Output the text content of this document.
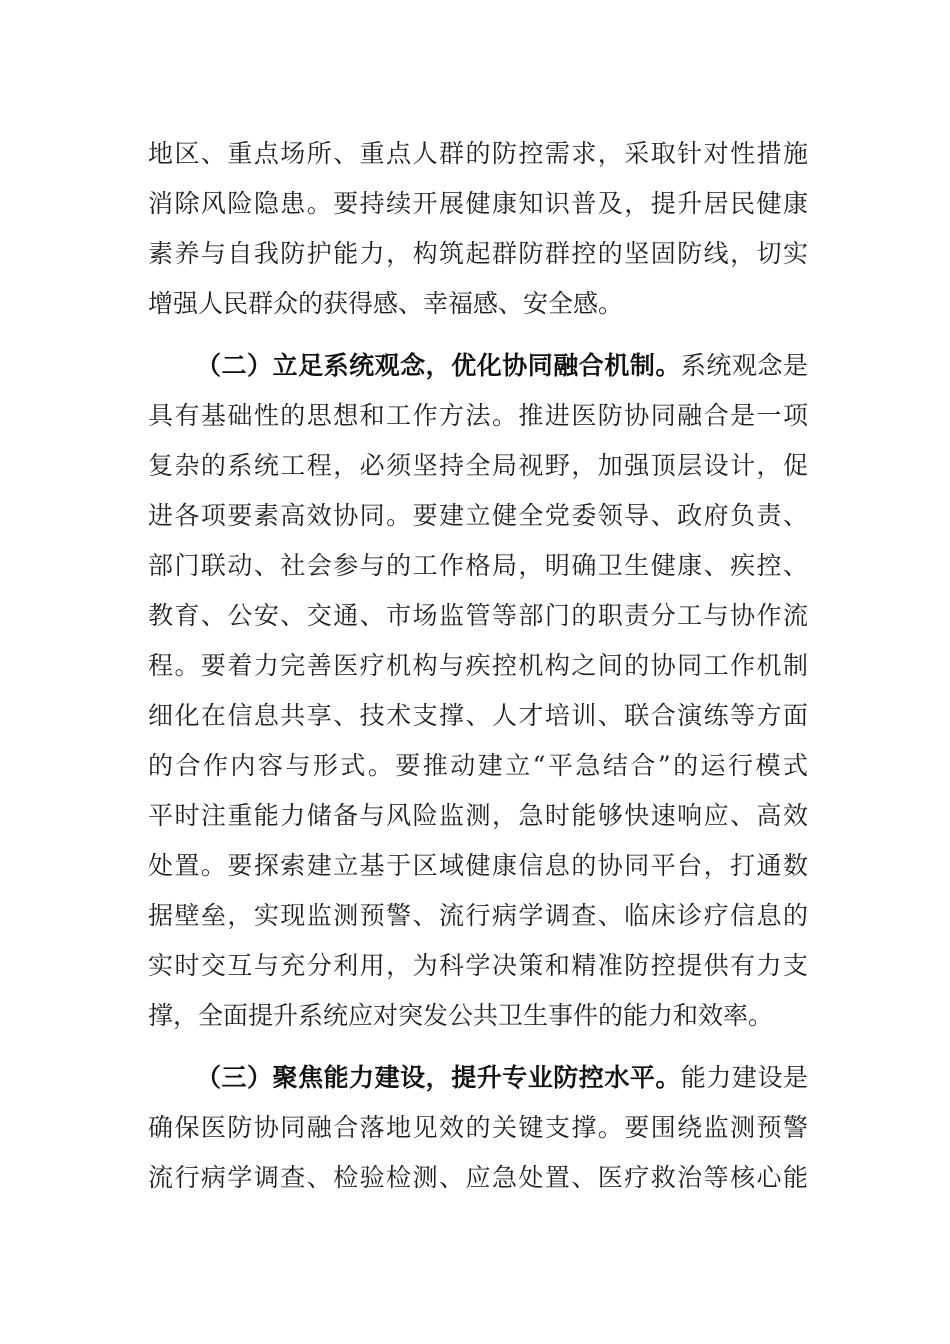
地区、重点场所、重点人群的防控需求，采取针对性措施
消除风险隐患。要持续开展健康知识普及，提升居民健康
素养与自我防护能力，构筑起群防群控的坚固防线，切实
增强人民群众的获得感、幸福感、安全感。
（二）立足系统观念，优化协同融合机制。系统观念是
具有基础性的思想和工作方法。推进医防协同融合是一项
复杂的系统工程，必须坚持全局视野，加强顶层设计，促
进各项要素高效协同。要建立健全党委领导、政府负责、
部门联动、社会参与的工作格局，明确卫生健康、疾控、
教育、公安、交通、市场监管等部门的职责分工与协作流
程。要着力完善医疗机构与疾控机构之间的协同工作机制
细化在信息共享、技术支撑、人才培训、联合演练等方面
的合作内容与形式。要推动建立“平急结合”的运行模式
平时注重能力储备与风险监测，急时能够快速响应、高效
处置。要探索建立基于区域健康信息的协同平台，打通数
据壁垒，实现监测预警、流行病学调查、临床诊疗信息的
实时交互与充分利用，为科学决策和精准防控提供有力支
撑，全面提升系统应对突发公共卫生事件的能力和效率。
（三）聚焦能力建设，提升专业防控水平。能力建设是
确保医防协同融合落地见效的关键支撑。要围绕监测预警
流行病学调查、检验检测、应急处置、医疗救治等核心能
